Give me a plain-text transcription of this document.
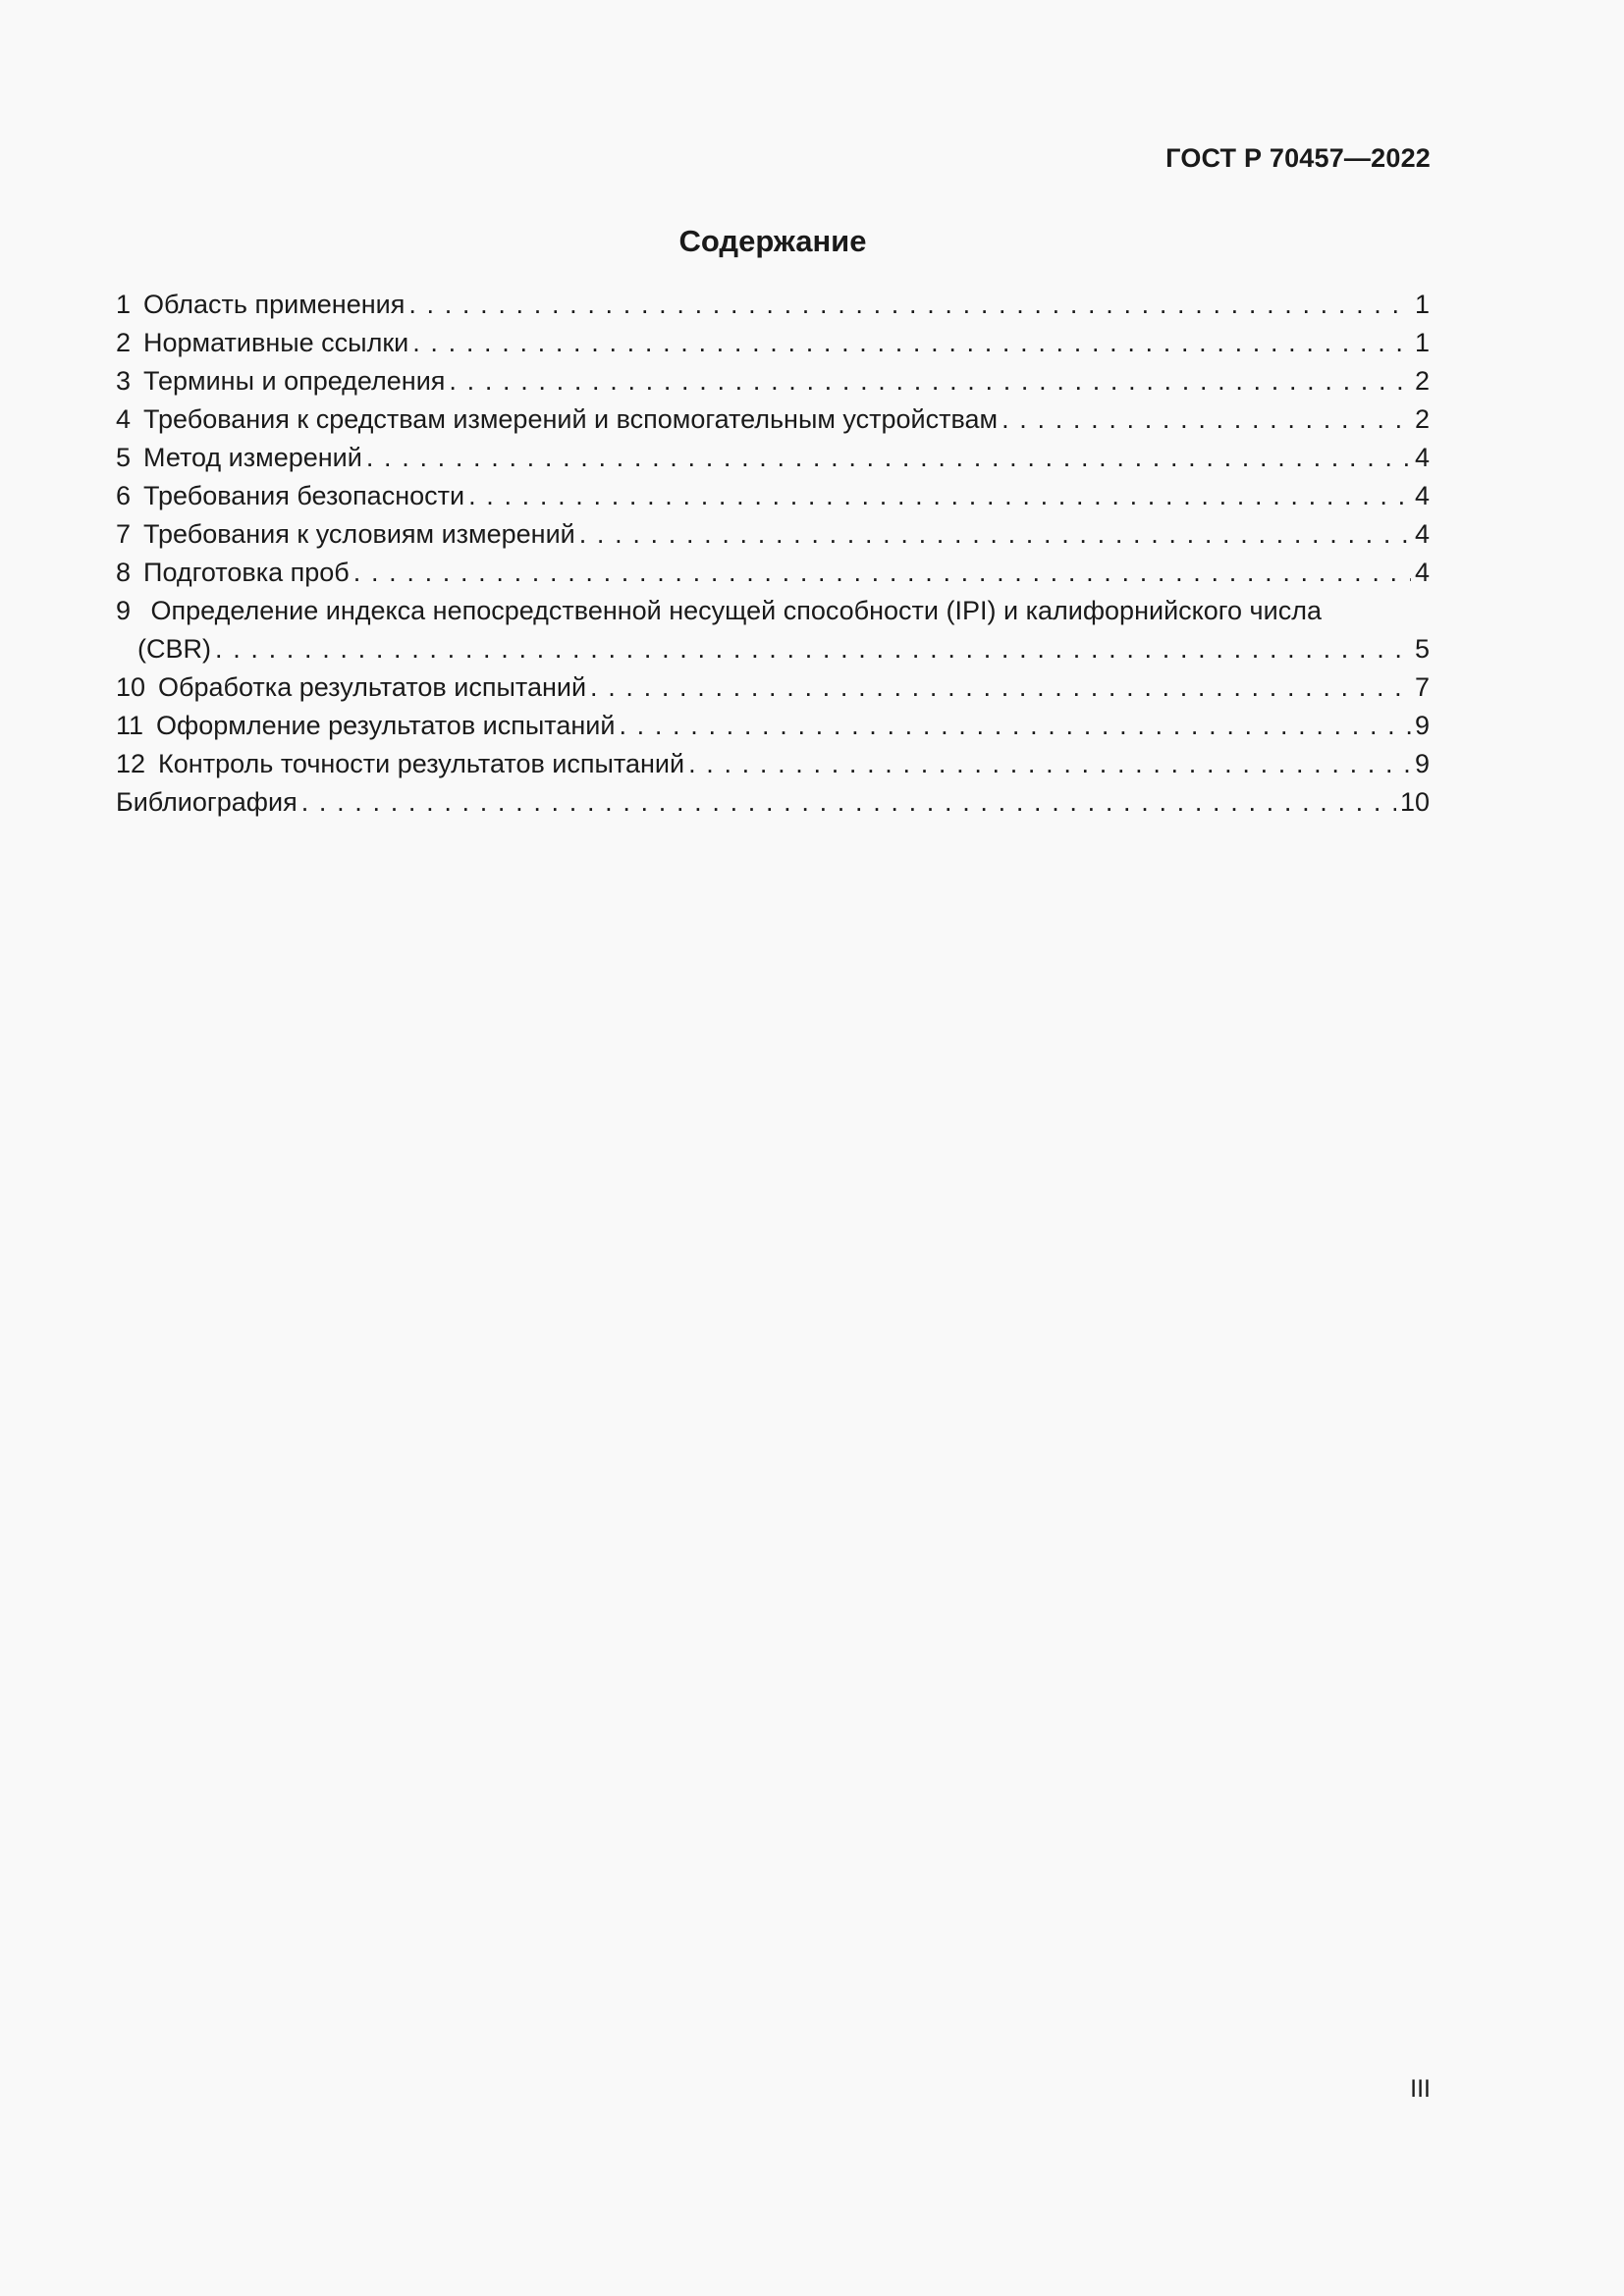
ГОСТ Р 70457—2022
Содержание
1 Область применения . . .	1
2 Нормативные ссылки . . .	1
3 Термины и определения . . .	2
4 Требования к средствам измерений и вспомогательным устройствам . . .	2
5 Метод измерений . . .	4
6 Требования безопасности . . .	4
7 Требования к условиям измерений . . .	4
8 Подготовка проб . . .	4
9 Определение индекса непосредственной несущей способности (IPI) и калифорнийского числа
(CBR) . . .	5
10 Обработка результатов испытаний . . .	7
11 Оформление результатов испытаний . . .	9
12 Контроль точности результатов испытаний . . .	9
Библиография . . .	10
III
